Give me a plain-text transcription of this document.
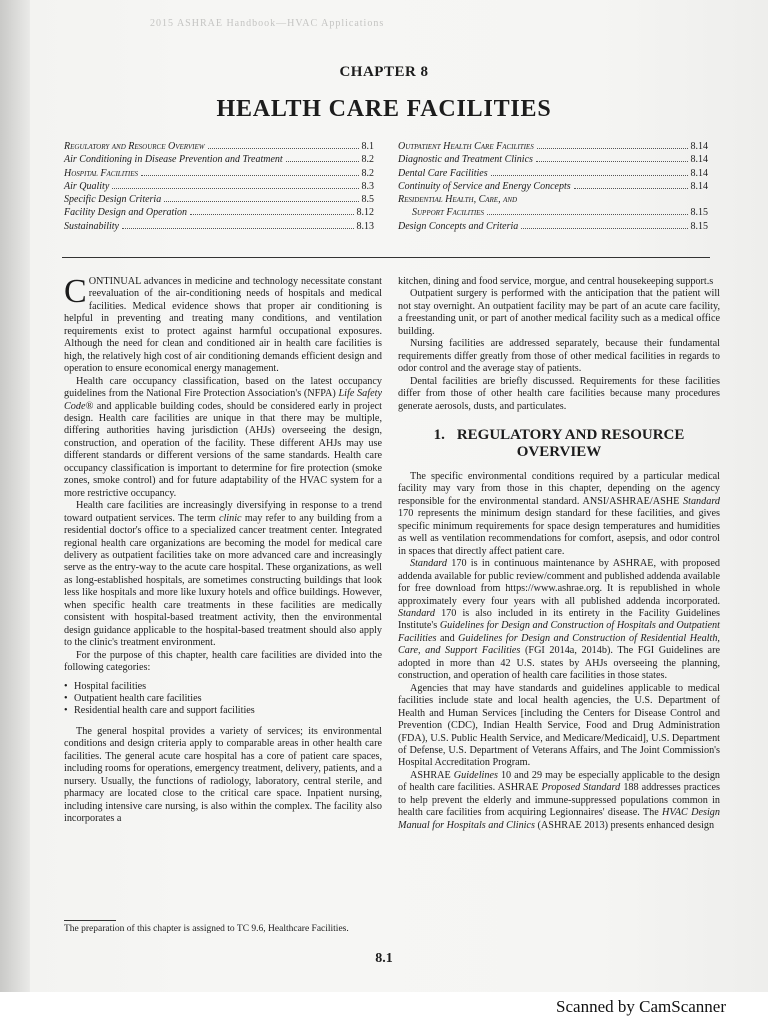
2015 ASHRAE Handbook—HVAC Applications
CHAPTER 8
HEALTH CARE FACILITIES
Regulatory and Resource Overview	8.1
Air Conditioning in Disease Prevention and Treatment	8.2
Hospital Facilities	8.2
Air Quality	8.3
Specific Design Criteria	8.5
Facility Design and Operation	8.12
Sustainability	8.13
Outpatient Health Care Facilities	8.14
Diagnostic and Treatment Clinics	8.14
Dental Care Facilities	8.14
Continuity of Service and Energy Concepts	8.14
Residential Health, Care, and
Support Facilities	8.15
Design Concepts and Criteria	8.15

CONTINUAL advances in medicine and technology necessitate constant reevaluation of the air-conditioning needs of hospitals and medical facilities. Medical evidence shows that proper air conditioning is helpful in preventing and treating many conditions, and ventilation requirements exist to protect against harmful occupational exposures. Although the need for clean and conditioned air in health care facilities is high, the relatively high cost of air conditioning demands efficient design and operation to ensure economical energy management.

Health care occupancy classification, based on the latest occupancy guidelines from the National Fire Protection Association's (NFPA) Life Safety Code® and applicable building codes, should be considered early in project design. Health care facilities are unique in that there may be multiple, differing authorities having jurisdiction (AHJs) overseeing the design, construction, and operation of the facility. These different AHJs may use different standards or different versions of the same standards. Health care occupancy classification is important to determine for fire protection (smoke zones, smoke control) and for future adaptability of the HVAC system for a more restrictive occupancy.

Health care facilities are increasingly diversifying in response to a trend toward outpatient services. The term clinic may refer to any building from a residential doctor's office to a specialized cancer treatment center. Integrated regional health care organizations are becoming the model for medical care delivery as outpatient facilities take on more advanced care and increasingly serve as the entry-way to the acute care hospital. These organizations, as well as long-established hospitals, are sometimes constructing buildings that look less like hospitals and more like luxury hotels and office buildings. However, when specific health care treatments in these facilities are medically consistent with hospital-based treatment activity, then the environmental design guidance applicable to the hospital-based treatment should also apply to the clinic's treatment environment.

For the purpose of this chapter, health care facilities are divided into the following categories:

• Hospital facilities
• Outpatient health care facilities
• Residential health care and support facilities

The general hospital provides a variety of services; its environmental conditions and design criteria apply to comparable areas in other health care facilities. The general acute care hospital has a core of patient care spaces, including rooms for operations, emergency treatment, delivery, patients, and a nursery. Usually, the functions of radiology, laboratory, central sterile, and pharmacy are located close to the critical care space. Inpatient nursing, including intensive care nursing, is also within the complex. The facility also incorporates a

kitchen, dining and food service, morgue, and central housekeeping support.s

Outpatient surgery is performed with the anticipation that the patient will not stay overnight. An outpatient facility may be part of an acute care facility, a freestanding unit, or part of another medical facility such as a medical office building.

Nursing facilities are addressed separately, because their fundamental requirements differ greatly from those of other medical facilities in regards to odor control and the average stay of patients.

Dental facilities are briefly discussed. Requirements for these facilities differ from those of other health care facilities because many procedures generate aerosols, dusts, and particulates.

1. REGULATORY AND RESOURCE OVERVIEW

The specific environmental conditions required by a particular medical facility may vary from those in this chapter, depending on the agency responsible for the environmental standard. ANSI/ASHRAE/ASHE Standard 170 represents the minimum design standard for these facilities, and gives specific minimum requirements for space design temperatures and humidities as well as ventilation recommendations for comfort, asepsis, and odor control in spaces that directly affect patient care.

Standard 170 is in continuous maintenance by ASHRAE, with proposed addenda available for public review/comment and published addenda available for free download from https://www.ashrae.org. It is republished in whole approximately every four years with all published addenda incorporated. Standard 170 is also included in its entirety in the Facility Guidelines Institute's Guidelines for Design and Construction of Hospitals and Outpatient Facilities and Guidelines for Design and Construction of Residential Health, Care, and Support Facilities (FGI 2014a, 2014b). The FGI Guidelines are adopted in more than 42 U.S. states by AHJs overseeing the planning, construction, and operation of health care facilities in those states.

Agencies that may have standards and guidelines applicable to medical facilities include state and local health agencies, the U.S. Department of Health and Human Services [including the Centers for Disease Control and Prevention (CDC), Indian Health Service, Food and Drug Administration (FDA), U.S. Public Health Service, and Medicare/Medicaid], U.S. Department of Defense, U.S. Department of Veterans Affairs, and The Joint Commission's Hospital Accreditation Program.

ASHRAE Guidelines 10 and 29 may be especially applicable to the design of health care facilities. ASHRAE Proposed Standard 188 addresses practices to help prevent the elderly and immune-suppressed populations common in health care facilities from acquiring Legionnaires' disease. The HVAC Design Manual for Hospitals and Clinics (ASHRAE 2013) presents enhanced design

The preparation of this chapter is assigned to TC 9.6, Healthcare Facilities.
8.1
Scanned by CamScanner
